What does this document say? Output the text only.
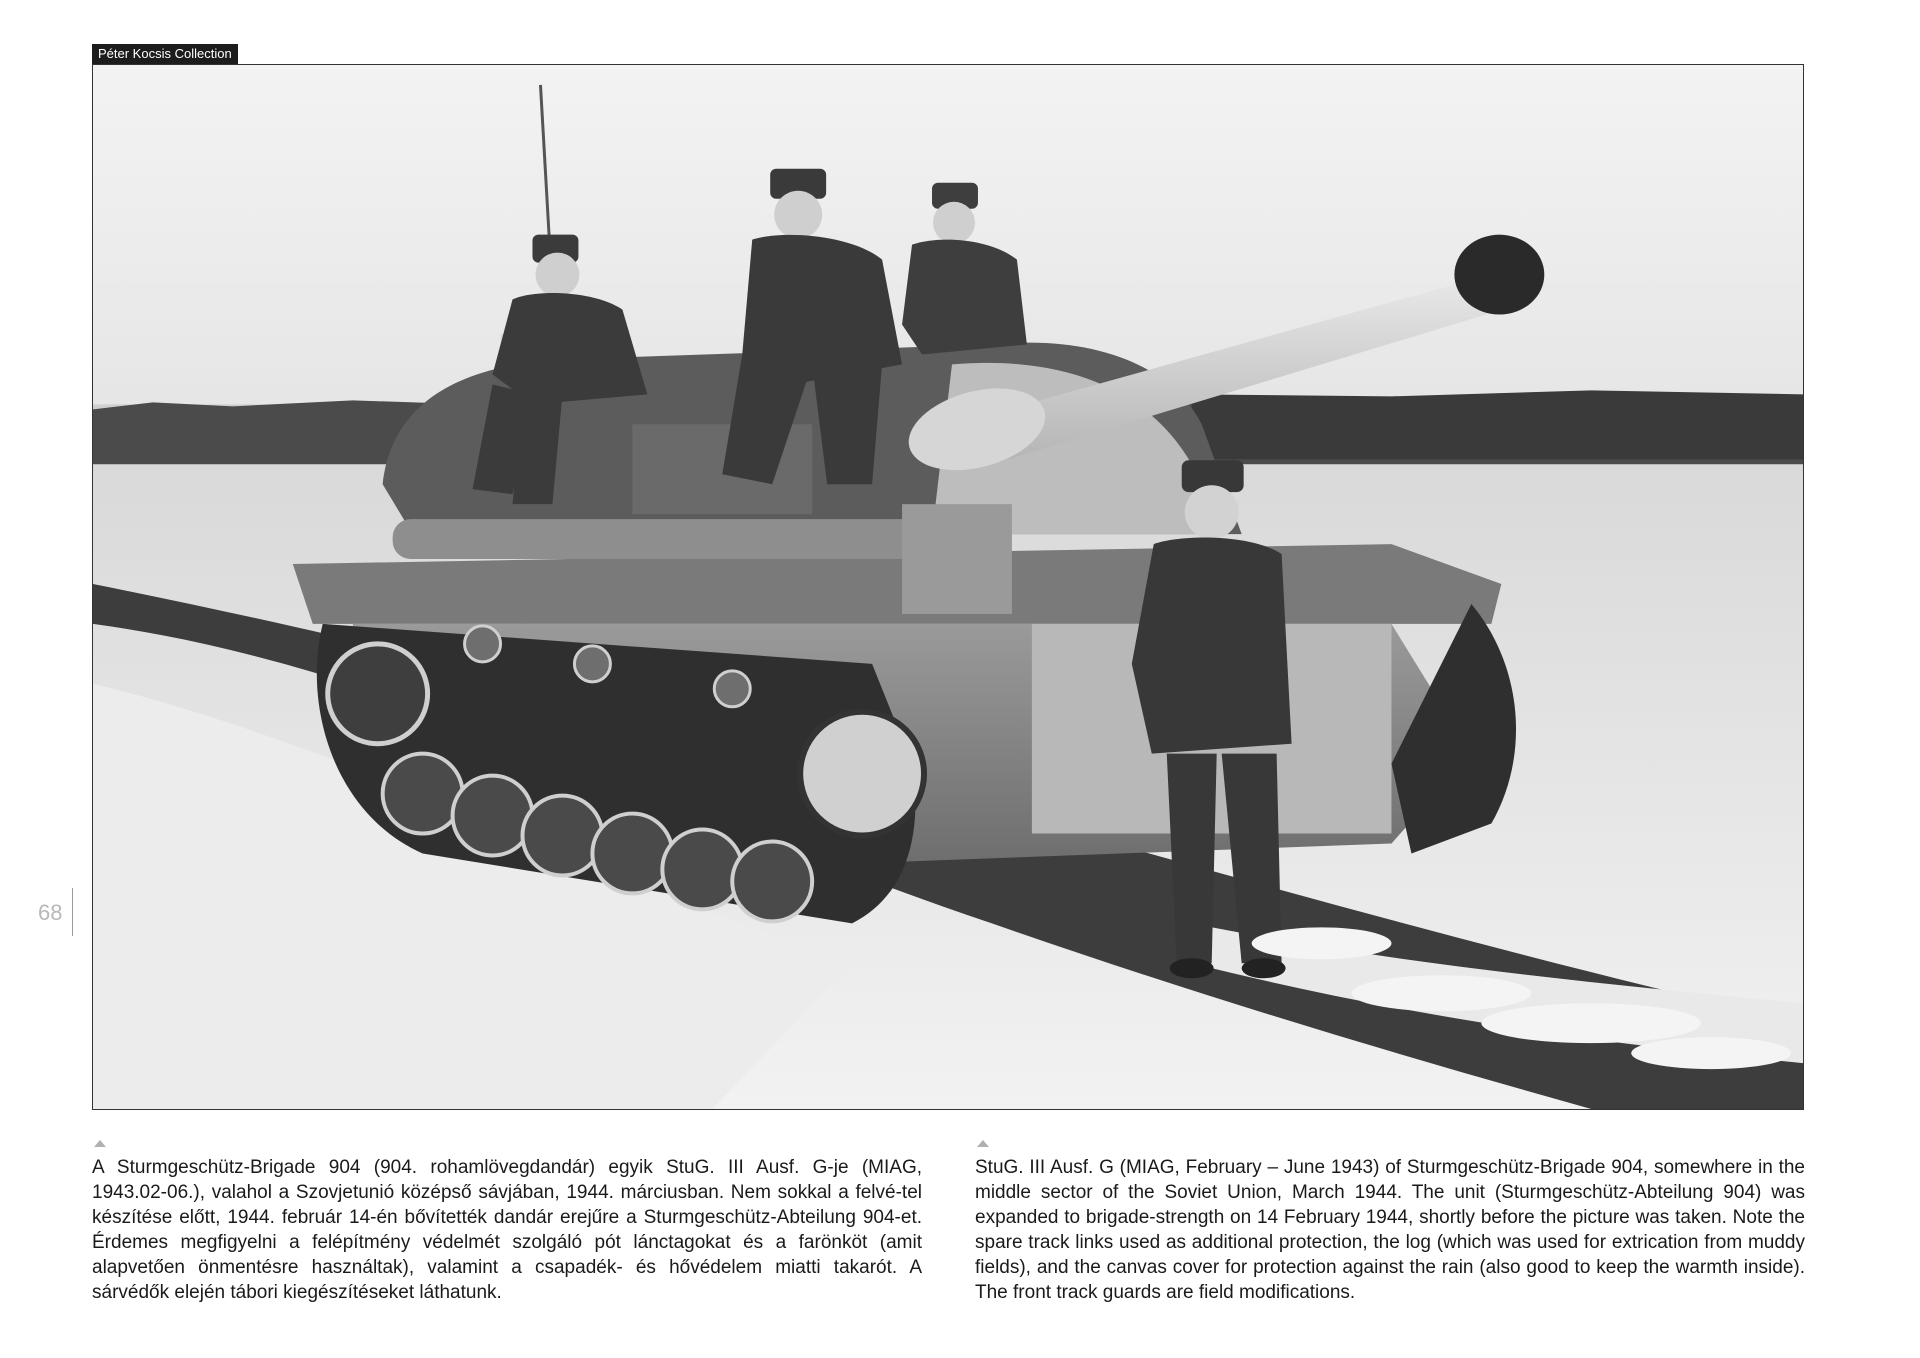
Péter Kocsis Collection
68
A Sturmgeschütz-Brigade 904 (904. rohamlövegdandár) egyik StuG. III Ausf. G-je (MIAG, 1943.02-06.), valahol a Szovjetunió középső sávjában, 1944. márciusban. Nem sokkal a felvé-tel készítése előtt, 1944. február 14-én bővítették dandár erejűre a Sturmgeschütz-Abteilung 904-et. Érdemes megfigyelni a felépítmény védelmét szolgáló pót lánctagokat és a farönköt (amit alapvetően önmentésre használtak), valamint a csapadék- és hővédelem miatti takarót. A sárvédők elején tábori kiegészítéseket láthatunk.
StuG. III Ausf. G (MIAG, February – June 1943) of Sturmgeschütz-Brigade 904, somewhere in the middle sector of the Soviet Union, March 1944. The unit (Sturmgeschütz-Abteilung 904) was expanded to brigade-strength on 14 February 1944, shortly before the picture was taken. Note the spare track links used as additional protection, the log (which was used for extrication from muddy fields), and the canvas cover for protection against the rain (also good to keep the warmth inside). The front track guards are field modifications.
